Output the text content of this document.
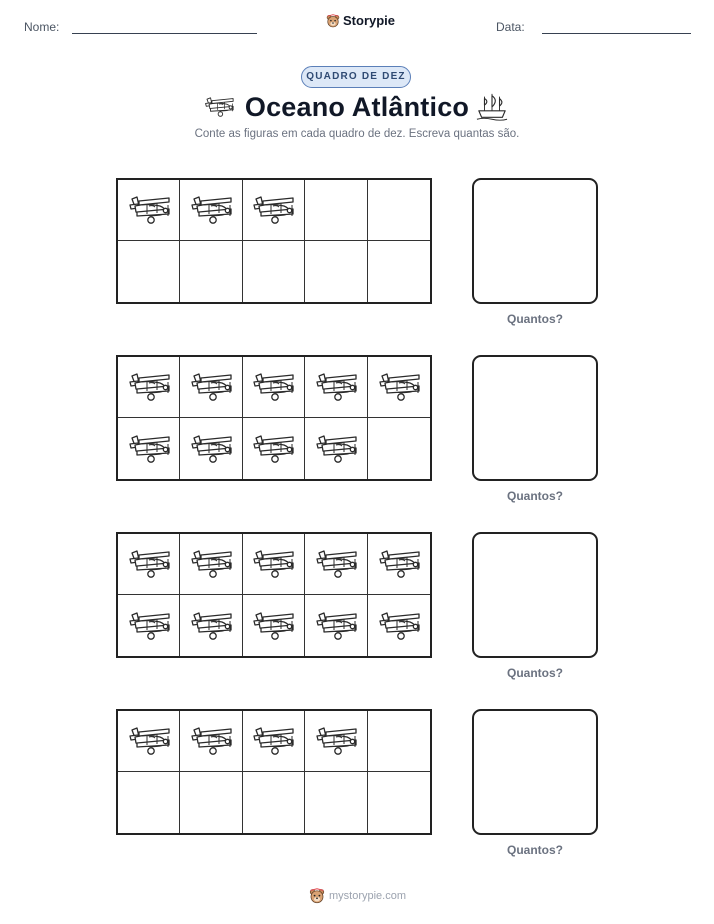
Nome:	Storypie	Data:
QUADRO DE DEZ
Oceano Atlântico
Conte as figuras em cada quadro de dez. Escreva quantas são.
Quantos?
Quantos?
Quantos?
Quantos?
mystorypie.com
